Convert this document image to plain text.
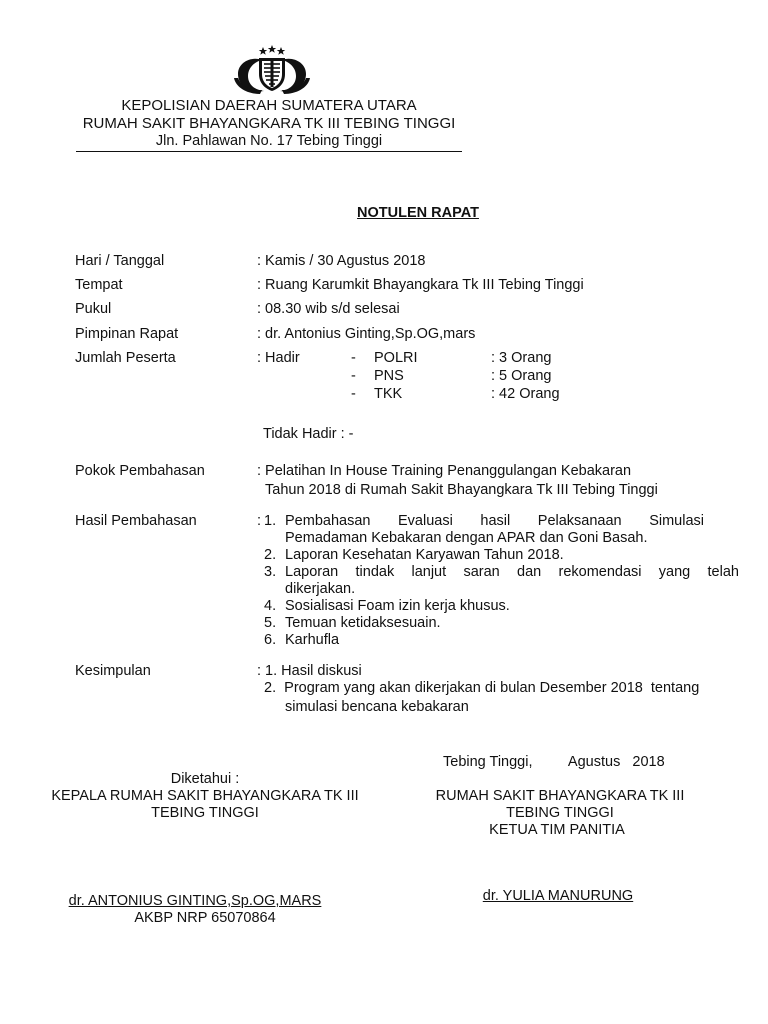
KEPOLISIAN DAERAH SUMATERA UTARA
RUMAH SAKIT BHAYANGKARA TK III TEBING TINGGI
Jln. Pahlawan No. 17 Tebing Tinggi
NOTULEN RAPAT
Hari / Tanggal	: Kamis / 30 Agustus 2018
Tempat	: Ruang Karumkit Bhayangkara Tk III Tebing Tinggi
Pukul	: 08.30 wib s/d selesai
Pimpinan Rapat	: dr. Antonius Ginting,Sp.OG,mars
Jumlah Peserta	: Hadir	- POLRI	: 3 Orang
- PNS	: 5 Orang
- TKK	: 42 Orang
Tidak Hadir : -
Pokok Pembahasan	: Pelatihan In House Training Penanggulangan Kebakaran
Tahun 2018 di Rumah Sakit Bhayangkara Tk III Tebing Tinggi
Hasil Pembahasan	: 1. Pembahasan Evaluasi hasil Pelaksanaan Simulasi
Pemadaman Kebakaran dengan APAR dan Goni Basah.
2. Laporan Kesehatan Karyawan Tahun 2018.
3. Laporan tindak lanjut saran dan rekomendasi yang telah
dikerjakan.
4. Sosialisasi Foam izin kerja khusus.
5. Temuan ketidaksesuain.
6. Karhufla
Kesimpulan	: 1. Hasil diskusi
2.  Program yang akan dikerjakan di bulan Desember 2018  tentang
simulasi bencana kebakaran
Tebing Tinggi,         Agustus   2018
Diketahui :
KEPALA RUMAH SAKIT BHAYANGKARA TK III
TEBING TINGGI
RUMAH SAKIT BHAYANGKARA TK III
TEBING TINGGI
KETUA TIM PANITIA
dr. ANTONIUS GINTING,Sp.OG,MARS
AKBP NRP 65070864
dr. YULIA MANURUNG
